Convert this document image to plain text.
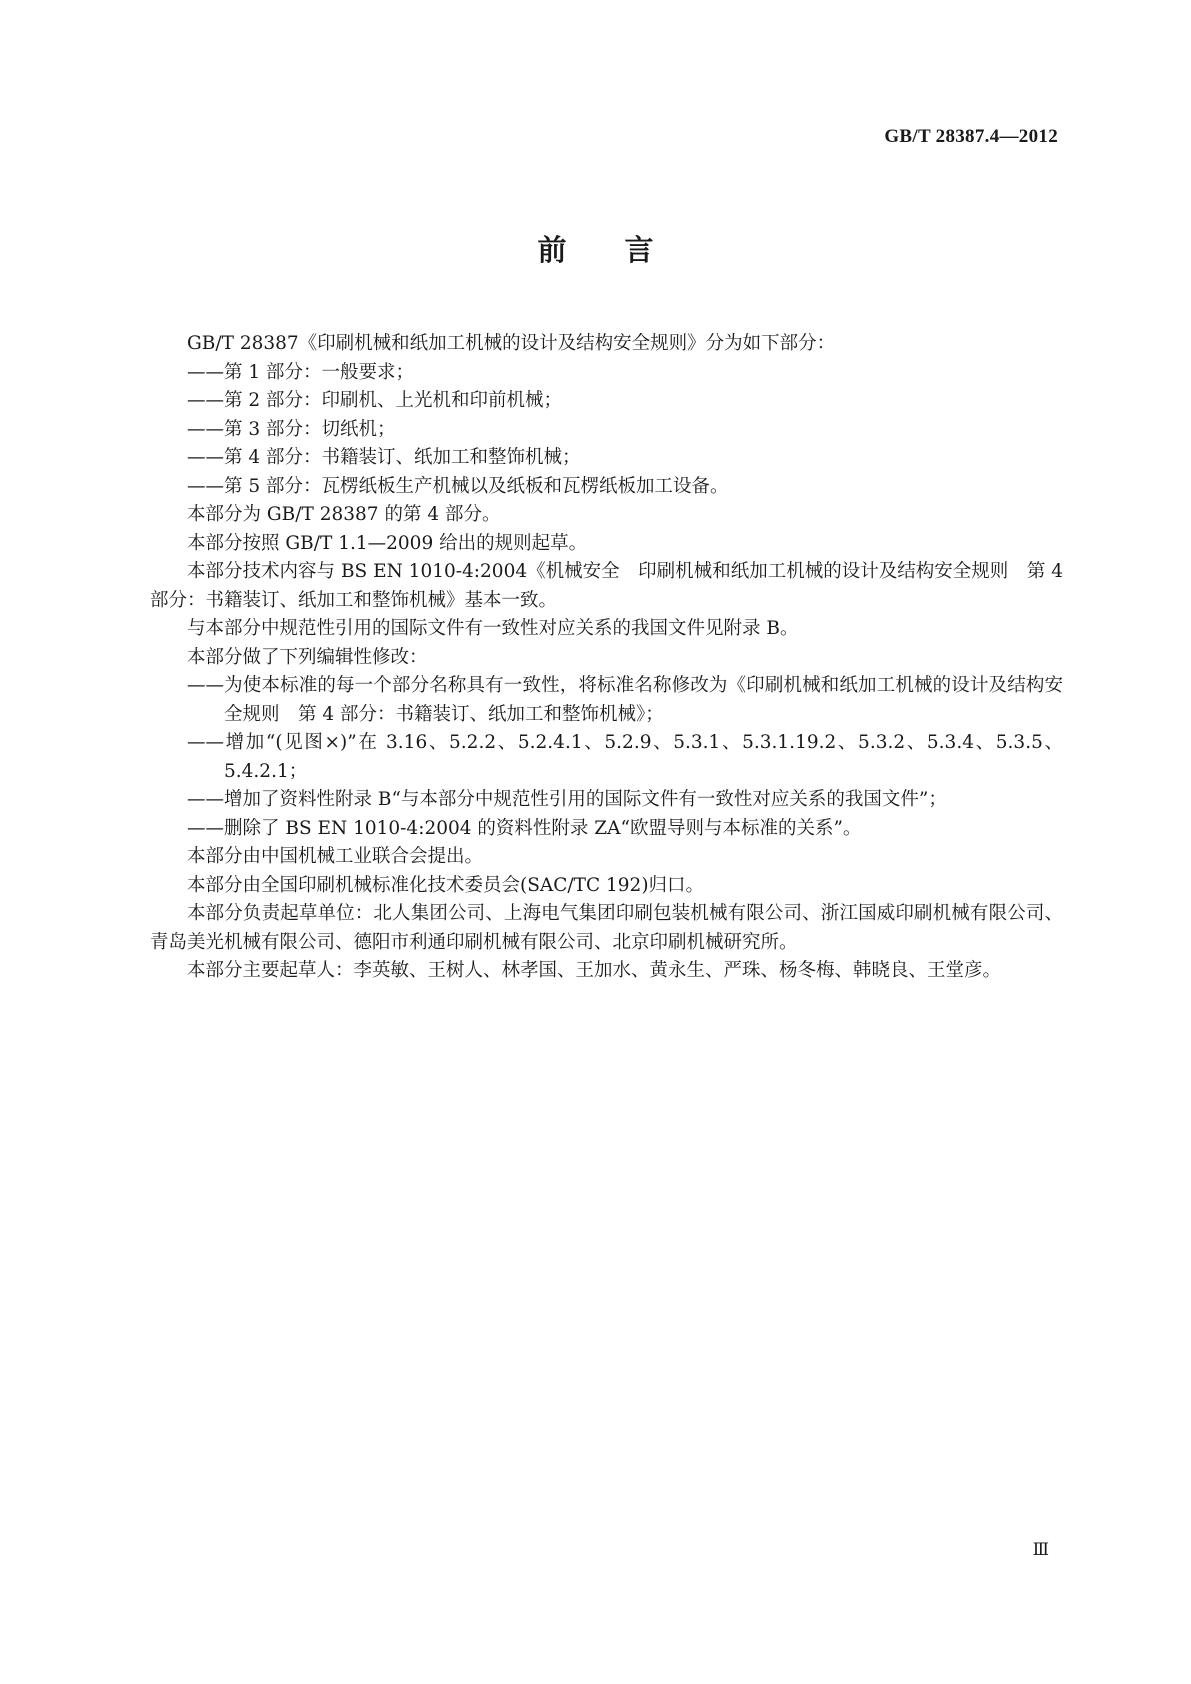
GB/T 28387.4—2012
前言

GB/T 28387《印刷机械和纸加工机械的设计及结构安全规则》分为如下部分：

——第 1 部分：一般要求；

——第 2 部分：印刷机、上光机和印前机械；

——第 3 部分：切纸机；

——第 4 部分：书籍装订、纸加工和整饰机械；

——第 5 部分：瓦楞纸板生产机械以及纸板和瓦楞纸板加工设备。

本部分为 GB/T 28387 的第 4 部分。

本部分按照 GB/T 1.1—2009 给出的规则起草。

本部分技术内容与 BS EN 1010-4:2004《机械安全　印刷机械和纸加工机械的设计及结构安全规则　第 4 部分：书籍装订、纸加工和整饰机械》基本一致。

与本部分中规范性引用的国际文件有一致性对应关系的我国文件见附录 B。

本部分做了下列编辑性修改：

——为使本标准的每一个部分名称具有一致性，将标准名称修改为《印刷机械和纸加工机械的设计及结构安全规则　第 4 部分：书籍装订、纸加工和整饰机械》；

——增加“(见图×)”在 3.16、5.2.2、5.2.4.1、5.2.9、5.3.1、5.3.1.19.2、5.3.2、5.3.4、5.3.5、5.4.2.1；

——增加了资料性附录 B“与本部分中规范性引用的国际文件有一致性对应关系的我国文件”；

——删除了 BS EN 1010-4:2004 的资料性附录 ZA“欧盟导则与本标准的关系”。

本部分由中国机械工业联合会提出。

本部分由全国印刷机械标准化技术委员会(SAC/TC 192)归口。

本部分负责起草单位：北人集团公司、上海电气集团印刷包装机械有限公司、浙江国威印刷机械有限公司、青岛美光机械有限公司、德阳市利通印刷机械有限公司、北京印刷机械研究所。

本部分主要起草人：李英敏、王树人、林孝国、王加水、黄永生、严珠、杨冬梅、韩晓良、王堂彦。

Ⅲ
